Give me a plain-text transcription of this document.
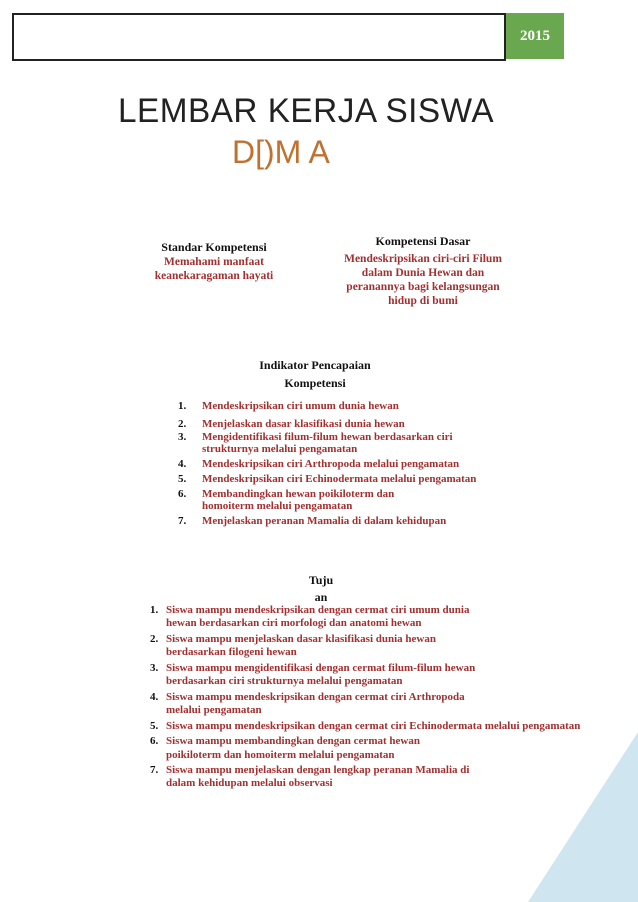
2015
LEMBAR KERJA SISWA
D[)M A
Standar Kompetensi
Memahami manfaat keanekaragaman hayati
Kompetensi Dasar
Mendeskripsikan ciri-ciri Filum dalam Dunia Hewan dan peranannya bagi kelangsungan hidup di bumi
Indikator Pencapaian
Kompetensi
1.	Mendeskripsikan ciri umum dunia hewan
2.	Menjelaskan dasar klasifikasi dunia hewan
3.	Mengidentifikasi filum-filum hewan berdasarkan ciri strukturnya melalui pengamatan
4.	Mendeskripsikan ciri Arthropoda melalui pengamatan
5.	Mendeskripsikan ciri Echinodermata melalui pengamatan
6.	Membandingkan hewan poikiloterm dan homoiterm melalui pengamatan
7.	Menjelaskan peranan Mamalia di dalam kehidupan
Tuju
an
1. Siswa mampu mendeskripsikan dengan cermat ciri umum dunia hewan berdasarkan ciri morfologi dan anatomi hewan
2. Siswa mampu menjelaskan dasar klasifikasi dunia hewan berdasarkan filogeni hewan
3. Siswa mampu mengidentifikasi dengan cermat filum-filum hewan berdasarkan ciri strukturnya melalui pengamatan
4. Siswa mampu mendeskripsikan dengan cermat ciri Arthropoda melalui pengamatan
5. Siswa mampu mendeskripsikan dengan cermat ciri Echinodermata melalui pengamatan
6. Siswa mampu membandingkan dengan cermat hewan poikiloterm dan homoiterm melalui pengamatan
7. Siswa mampu menjelaskan dengan lengkap peranan Mamalia di dalam kehidupan melalui observasi
